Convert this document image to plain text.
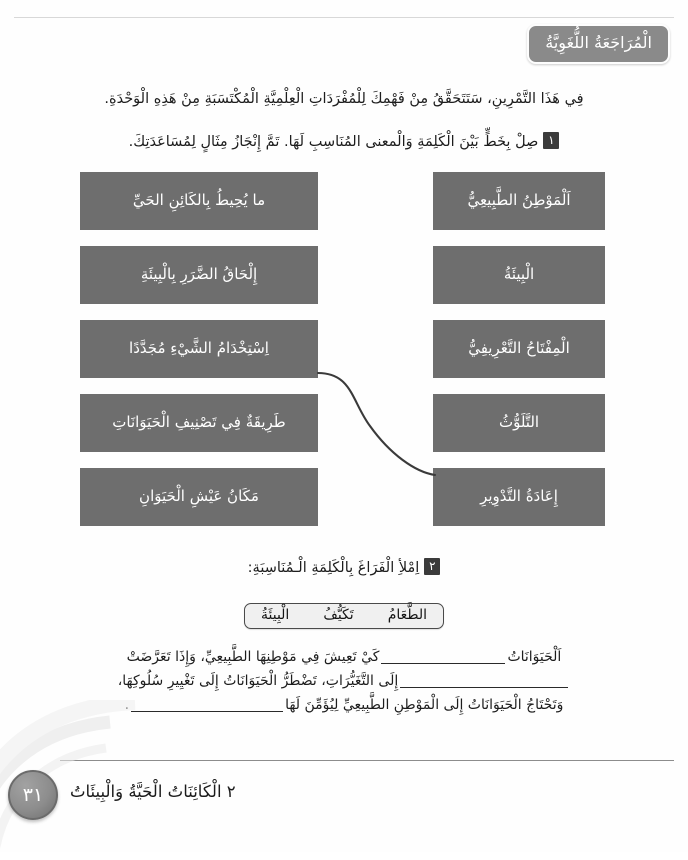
الْمُرَاجَعَةُ اللُّغَوِيَّةُ
فِي هَذَا التَّمْرِينِ، سَتَتَحَقَّقُ مِنْ فَهْمِكَ لِلْمُفْرَدَاتِ الْعِلْمِيَّةِ الْمُكْتَسَبَةِ مِنْ هَذِهِ الْوَحْدَةِ.
١صِلْ بِخَطٍّ بَيْنَ الْكَلِمَةِ وَالْمعنى المُنَاسِبِ لَهَا. تَمَّ إِنْجَازُ مِثَالٍ لِمُسَاعَدَتِكَ.
اَلْمَوْطِنُ الطَّبِيعِيُّ
الْبِيئَةُ
الْمِفْتَاحُ التَّعْرِيفِيُّ
التَّلَوُّثُ
إِعَادَةُ التَّدْوِيرِ
ما يُحِيطُ بِالكَائِنِ الحَيِّ
إِلْحَاقُ الضَّرَرِ بِالْبِيئَةِ
اِسْتِخْدَامُ الشَّيْءِ مُجَدَّدًا
طَرِيقَةٌ فِي تَصْنِيفِ الْحَيَوَانَاتِ
مَكَانُ عَيْشِ الْحَيَوَانِ
٢اِمْلأِ الْفَرَاغَ بِالْكَلِمَةِ الْـمُنَاسِبَةِ:
الطَّعَامُ
تَكَيُّفُ
الْبِيئَةُ
اَلْحَيَوَانَاتُكَيْ تَعِيشَ فِي مَوْطِنِهَا الطَّبِيعِيِّ، وَإِذَا تَعَرَّضَتْ
إِلَى التَّغَيُّرَاتِ، تَضْطَرُّ الْحَيَوَانَاتُ إِلَى تَغْيِيرِ سُلُوكِهَا،
وَتَحْتَاجُ الْحَيَوَانَاتُ إِلَى الْمَوْطِنِ الطَّبِيعِيِّ لِيُؤَمِّنَ لَهَا.
٣١	٢ الْكَائِنَاتُ الْحَيَّةُ وَالْبِيئَاتُ
